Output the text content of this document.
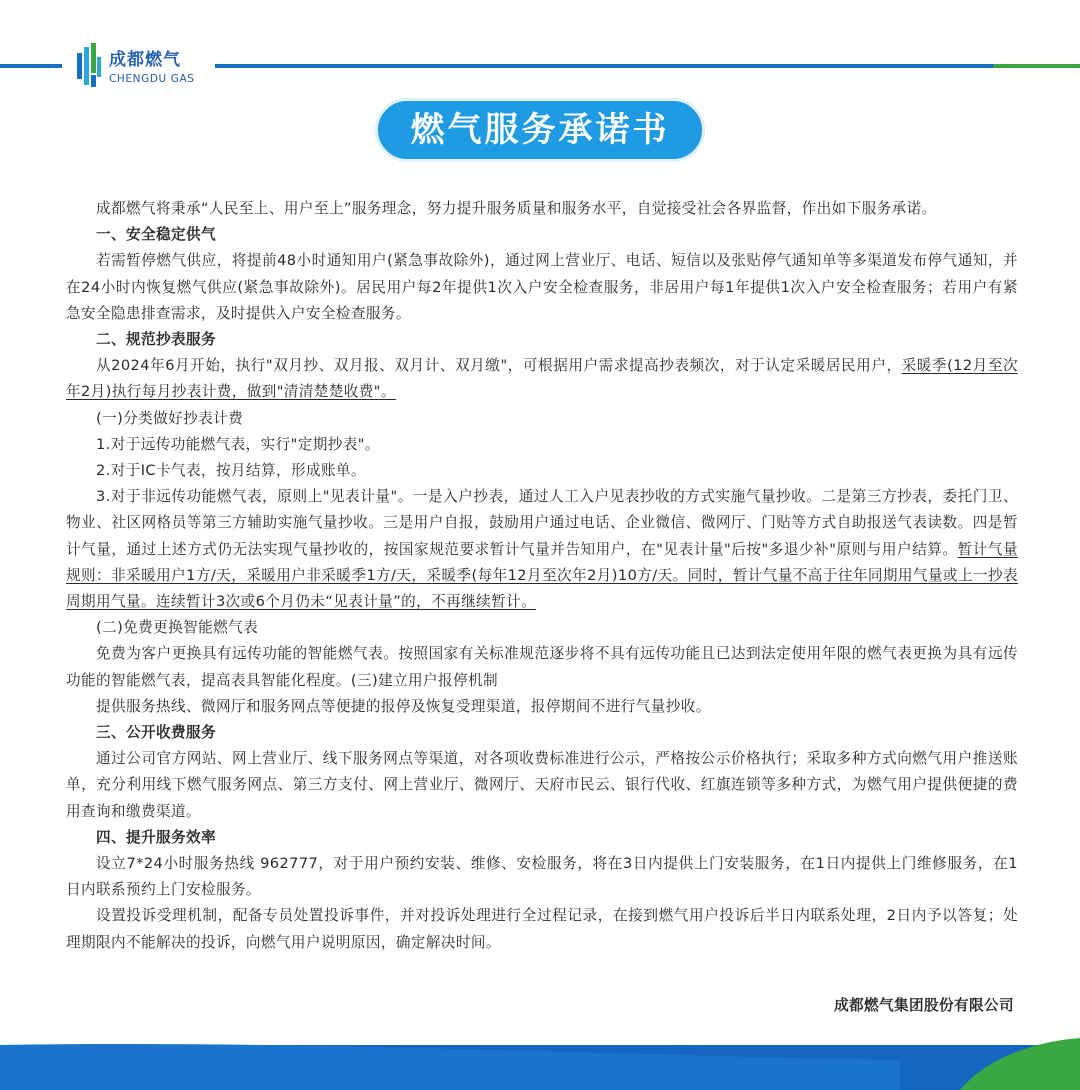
成都燃气
CHENGDU GAS
燃气服务承诺书

成都燃气将秉承“人民至上、用户至上”服务理念，努力提升服务质量和服务水平，自觉接受社会各界监督，作出如下服务承诺。

一、安全稳定供气

若需暂停燃气供应，将提前48小时通知用户(紧急事故除外)，通过网上营业厅、电话、短信以及张贴停气通知单等多渠道发布停气通知，并在24小时内恢复燃气供应(紧急事故除外)。居民用户每2年提供1次入户安全检查服务，非居用户每1年提供1次入户安全检查服务；若用户有紧急安全隐患排查需求，及时提供入户安全检查服务。

二、规范抄表服务

从2024年6月开始，执行"双月抄、双月报、双月计、双月缴"，可根据用户需求提高抄表频次，对于认定采暖居民用户，采暖季(12月至次年2月)执行每月抄表计费，做到"清清楚楚收费"。

(一)分类做好抄表计费

1.对于远传功能燃气表，实行"定期抄表"。

2.对于IC卡气表，按月结算，形成账单。

3.对于非远传功能燃气表，原则上"见表计量"。一是入户抄表，通过人工入户见表抄收的方式实施气量抄收。二是第三方抄表，委托门卫、物业、社区网格员等第三方辅助实施气量抄收。三是用户自报，鼓励用户通过电话、企业微信、微网厅、门贴等方式自助报送气表读数。四是暂计气量，通过上述方式仍无法实现气量抄收的，按国家规范要求暂计气量并告知用户，在"见表计量"后按"多退少补"原则与用户结算。暂计气量规则：非采暖用户1方/天，采暖用户非采暖季1方/天，采暖季(每年12月至次年2月)10方/天。同时，暂计气量不高于往年同期用气量或上一抄表周期用气量。连续暂计3次或6个月仍未“见表计量”的，不再继续暂计。

(二)免费更换智能燃气表

免费为客户更换具有远传功能的智能燃气表。按照国家有关标准规范逐步将不具有远传功能且已达到法定使用年限的燃气表更换为具有远传功能的智能燃气表，提高表具智能化程度。(三)建立用户报停机制

提供服务热线、微网厅和服务网点等便捷的报停及恢复受理渠道，报停期间不进行气量抄收。

三、公开收费服务

通过公司官方网站、网上营业厅、线下服务网点等渠道，对各项收费标准进行公示，严格按公示价格执行；采取多种方式向燃气用户推送账单，充分利用线下燃气服务网点、第三方支付、网上营业厅、微网厅、天府市民云、银行代收、红旗连锁等多种方式，为燃气用户提供便捷的费用查询和缴费渠道。

四、提升服务效率

设立7*24小时服务热线 962777，对于用户预约安装、维修、安检服务，将在3日内提供上门安装服务，在1日内提供上门维修服务，在1日内联系预约上门安检服务。

设置投诉受理机制，配备专员处置投诉事件，并对投诉处理进行全过程记录，在接到燃气用户投诉后半日内联系处理，2日内予以答复；处理期限内不能解决的投诉，向燃气用户说明原因，确定解决时间。

成都燃气集团股份有限公司
